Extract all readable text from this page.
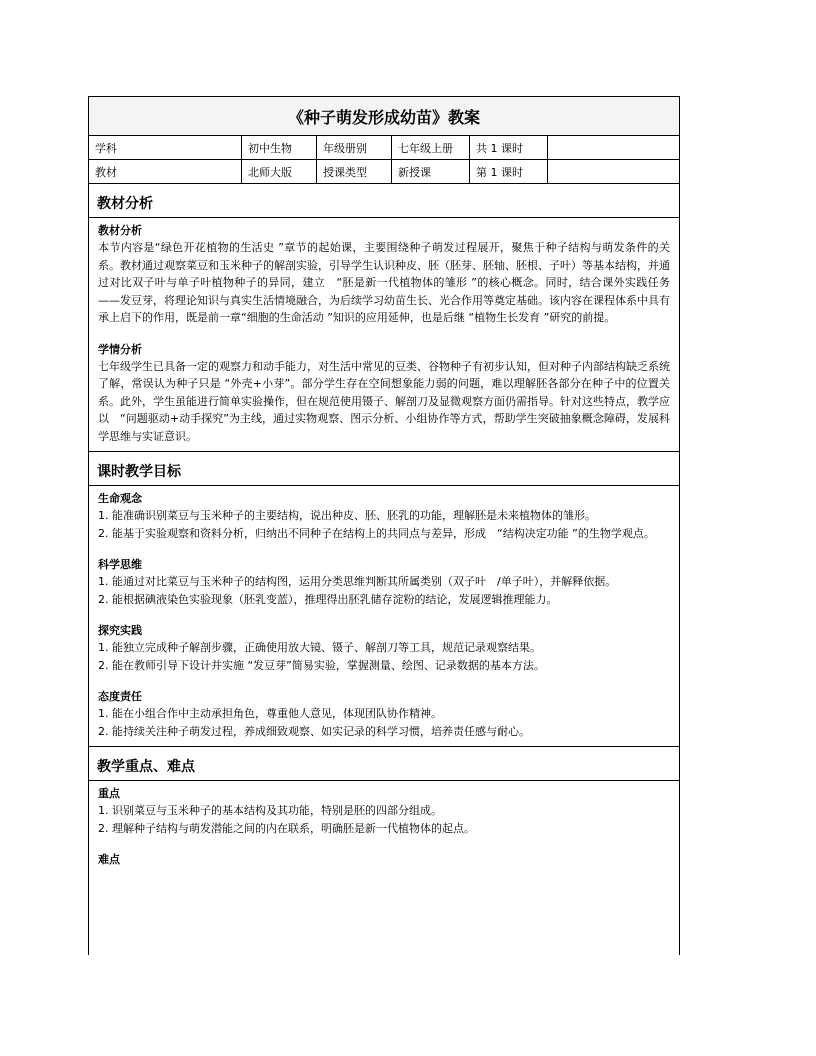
《种子萌发形成幼苗》教案
学科	初中生物	年级册别	七年级上册	共 1 课时
教材	北师大版	授课类型	新授课	第 1 课时
教材分析
教材分析
本节内容是“绿色开花植物的生活史 ”章节的起始课，主要围绕种子萌发过程展开，聚焦于种子结构与萌发条件的关系。教材通过观察菜豆和玉米种子的解剖实验，引导学生认识种皮、胚（胚芽、胚轴、胚根、子叶）等基本结构，并通过对比双子叶与单子叶植物种子的异同，建立　“胚是新一代植物体的雏形 ”的核心概念。同时，结合课外实践任务 ——发豆芽，将理论知识与真实生活情境融合，为后续学习幼苗生长、光合作用等奠定基础。该内容在课程体系中具有承上启下的作用，既是前一章“细胞的生命活动 ”知识的应用延伸，也是后继 “植物生长发育 ”研究的前提。
学情分析
七年级学生已具备一定的观察力和动手能力，对生活中常见的豆类、谷物种子有初步认知，但对种子内部结构缺乏系统了解，常误认为种子只是 “外壳+小芽”。部分学生存在空间想象能力弱的问题，难以理解胚各部分在种子中的位置关系。此外，学生虽能进行简单实验操作，但在规范使用镊子、解剖刀及显微观察方面仍需指导。针对这些特点，教学应以　“问题驱动+动手探究”为主线，通过实物观察、图示分析、小组协作等方式，帮助学生突破抽象概念障碍，发展科学思维与实证意识。
课时教学目标
生命观念
1. 能准确识别菜豆与玉米种子的主要结构，说出种皮、胚、胚乳的功能，理解胚是未来植物体的雏形。
2. 能基于实验观察和资料分析，归纳出不同种子在结构上的共同点与差异，形成　“结构决定功能 ”的生物学观点。
科学思维
1. 能通过对比菜豆与玉米种子的结构图，运用分类思维判断其所属类别（双子叶　/单子叶），并解释依据。
2. 能根据碘液染色实验现象（胚乳变蓝），推理得出胚乳储存淀粉的结论，发展逻辑推理能力。
探究实践
1. 能独立完成种子解剖步骤，正确使用放大镜、镊子、解剖刀等工具，规范记录观察结果。
2. 能在教师引导下设计并实施 “发豆芽”简易实验，掌握测量、绘图、记录数据的基本方法。
态度责任
1. 能在小组合作中主动承担角色，尊重他人意见，体现团队协作精神。
2. 能持续关注种子萌发过程，养成细致观察、如实记录的科学习惯，培养责任感与耐心。
教学重点、难点
重点
1. 识别菜豆与玉米种子的基本结构及其功能，特别是胚的四部分组成。
2. 理解种子结构与萌发潜能之间的内在联系，明确胚是新一代植物体的起点。
难点
